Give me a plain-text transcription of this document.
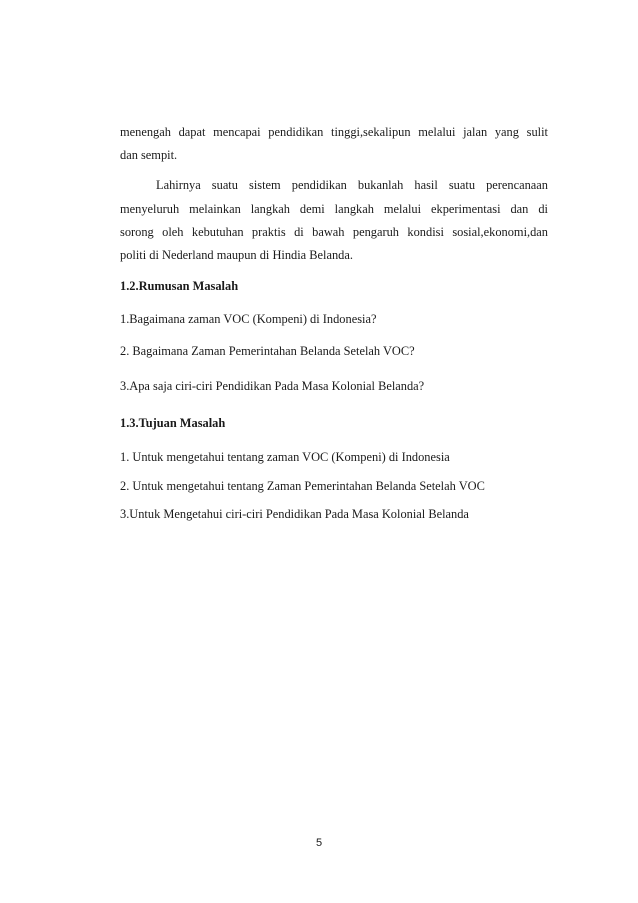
menengah dapat mencapai pendidikan tinggi,sekalipun melalui jalan yang sulit
dan sempit.
Lahirnya suatu sistem pendidikan bukanlah hasil suatu perencanaan
menyeluruh melainkan langkah demi langkah melalui ekperimentasi dan di
sorong oleh kebutuhan praktis di bawah pengaruh kondisi sosial,ekonomi,dan
politi di Nederland maupun di Hindia Belanda.
1.2.Rumusan Masalah
1.Bagaimana zaman VOC (Kompeni) di Indonesia?
2. Bagaimana Zaman Pemerintahan Belanda Setelah VOC?
3.Apa saja ciri-ciri Pendidikan Pada Masa Kolonial Belanda?
1.3.Tujuan Masalah
1. Untuk mengetahui tentang zaman VOC (Kompeni) di Indonesia
2. Untuk mengetahui tentang Zaman Pemerintahan Belanda Setelah VOC
3.Untuk Mengetahui ciri-ciri Pendidikan Pada Masa Kolonial Belanda
5
